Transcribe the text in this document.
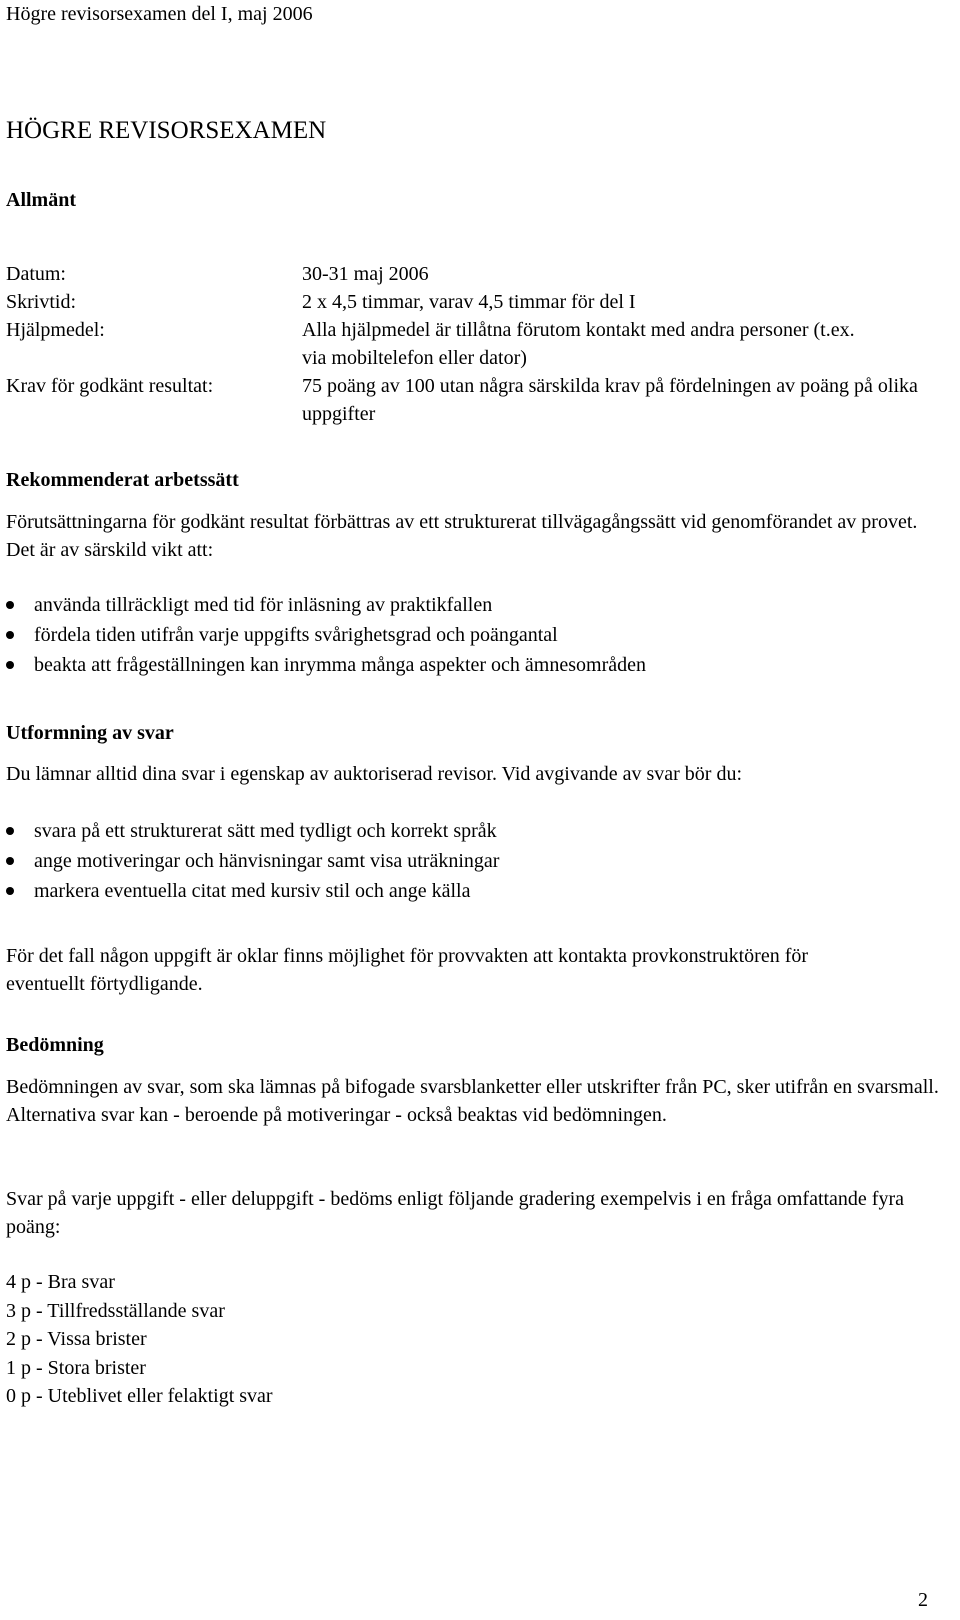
Högre revisorsexamen del I, maj 2006
HÖGRE REVISORSEXAMEN
Allmänt
Datum:	30-31 maj 2006
Skrivtid:	2 x 4,5 timmar, varav 4,5 timmar för del I
Hjälpmedel:	Alla hjälpmedel är tillåtna förutom kontakt med andra personer (t.ex. via mobiltelefon eller dator)
Krav för godkänt resultat:	75 poäng av 100 utan några särskilda krav på fördelningen av poäng på olika uppgifter
Rekommenderat arbetssätt

Förutsättningarna för godkänt resultat förbättras av ett strukturerat tillvägagångssätt vid genomförandet av provet. Det är av särskild vikt att:

använda tillräckligt med tid för inläsning av praktikfallen
fördela tiden utifrån varje uppgifts svårighetsgrad och poängantal
beakta att frågeställningen kan inrymma många aspekter och ämnesområden
Utformning av svar

Du lämnar alltid dina svar i egenskap av auktoriserad revisor. Vid avgivande av svar bör du:

svara på ett strukturerat sätt med tydligt och korrekt språk
ange motiveringar och hänvisningar samt visa uträkningar
markera eventuella citat med kursiv stil och ange källa

För det fall någon uppgift är oklar finns möjlighet för provvakten att kontakta provkonstruktören för eventuellt förtydligande.

Bedömning

Bedömningen av svar, som ska lämnas på bifogade svarsblanketter eller utskrifter från PC, sker utifrån en svarsmall. Alternativa svar kan - beroende på motiveringar - också beaktas vid bedömningen.

Svar på varje uppgift - eller deluppgift - bedöms enligt följande gradering exempelvis i en fråga omfattande fyra poäng:

4 p - Bra svar
3 p - Tillfredsställande svar
2 p - Vissa brister
1 p - Stora brister
0 p - Uteblivet eller felaktigt svar
2
